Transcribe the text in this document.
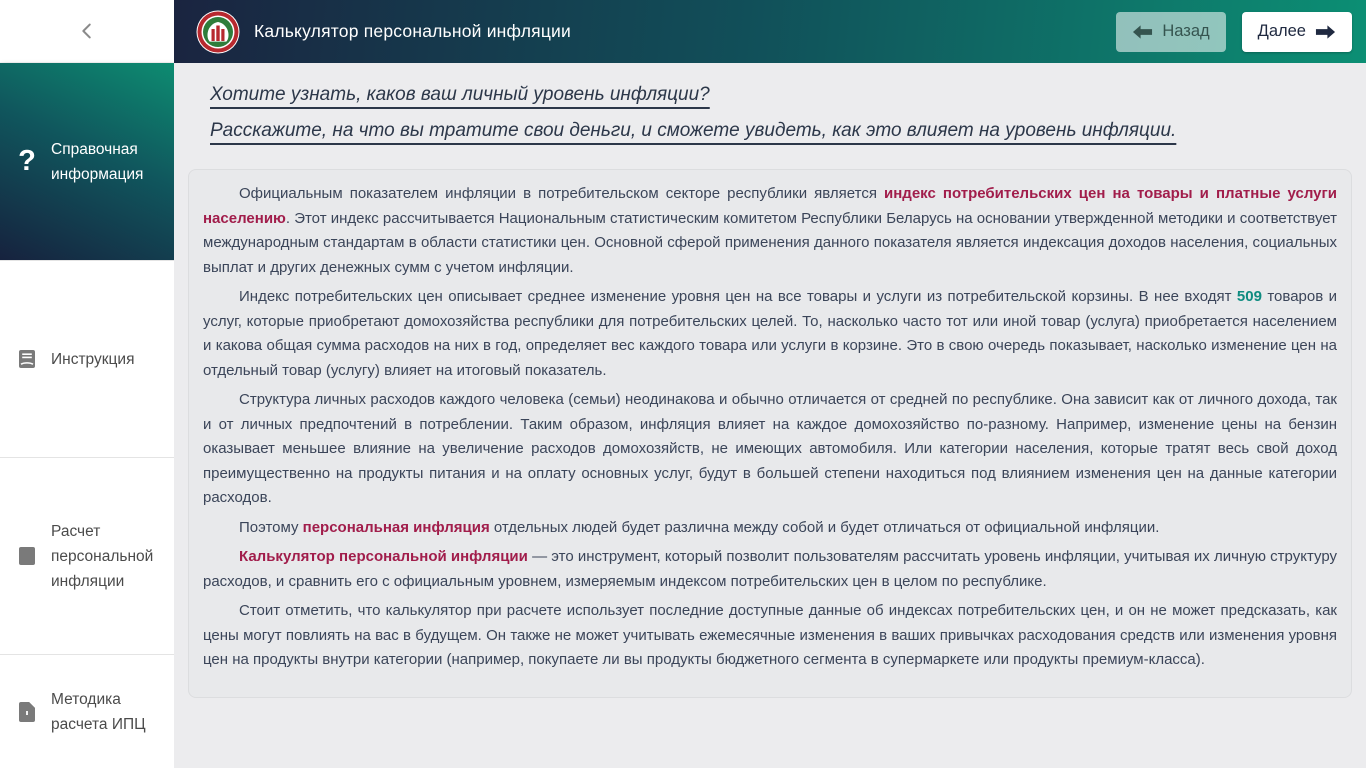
Калькулятор персональной инфляции	Назад	Далее
? Справочная информация
Инструкция
Расчет персональной инфляции
Методика расчета ИПЦ
Хотите узнать, каков ваш личный уровень инфляции?
Расскажите, на что вы тратите свои деньги, и сможете увидеть, как это влияет на уровень инфляции.

Официальным показателем инфляции в потребительском секторе республики является индекс потребительских цен на товары и платные услуги населению. Этот индекс рассчитывается Национальным статистическим комитетом Республики Беларусь на основании утвержденной методики и соответствует международным стандартам в области статистики цен. Основной сферой применения данного показателя является индексация доходов населения, социальных выплат и других денежных сумм с учетом инфляции.

Индекс потребительских цен описывает среднее изменение уровня цен на все товары и услуги из потребительской корзины. В нее входят 509 товаров и услуг, которые приобретают домохозяйства республики для потребительских целей. То, насколько часто тот или иной товар (услуга) приобретается населением и какова общая сумма расходов на них в год, определяет вес каждого товара или услуги в корзине. Это в свою очередь показывает, насколько изменение цен на отдельный товар (услугу) влияет на итоговый показатель.

Структура личных расходов каждого человека (семьи) неодинакова и обычно отличается от средней по республике. Она зависит как от личного дохода, так и от личных предпочтений в потреблении. Таким образом, инфляция влияет на каждое домохозяйство по-разному. Например, изменение цены на бензин оказывает меньшее влияние на увеличение расходов домохозяйств, не имеющих автомобиля. Или категории населения, которые тратят весь свой доход преимущественно на продукты питания и на оплату основных услуг, будут в большей степени находиться под влиянием изменения цен на данные категории расходов.

Поэтому персональная инфляция отдельных людей будет различна между собой и будет отличаться от официальной инфляции.

Калькулятор персональной инфляции — это инструмент, который позволит пользователям рассчитать уровень инфляции, учитывая их личную структуру расходов, и сравнить его с официальным уровнем, измеряемым индексом потребительских цен в целом по республике.

Стоит отметить, что калькулятор при расчете использует последние доступные данные об индексах потребительских цен, и он не может предсказать, как цены могут повлиять на вас в будущем. Он также не может учитывать ежемесячные изменения в ваших привычках расходования средств или изменения уровня цен на продукты внутри категории (например, покупаете ли вы продукты бюджетного сегмента в супермаркете или продукты премиум-класса).
